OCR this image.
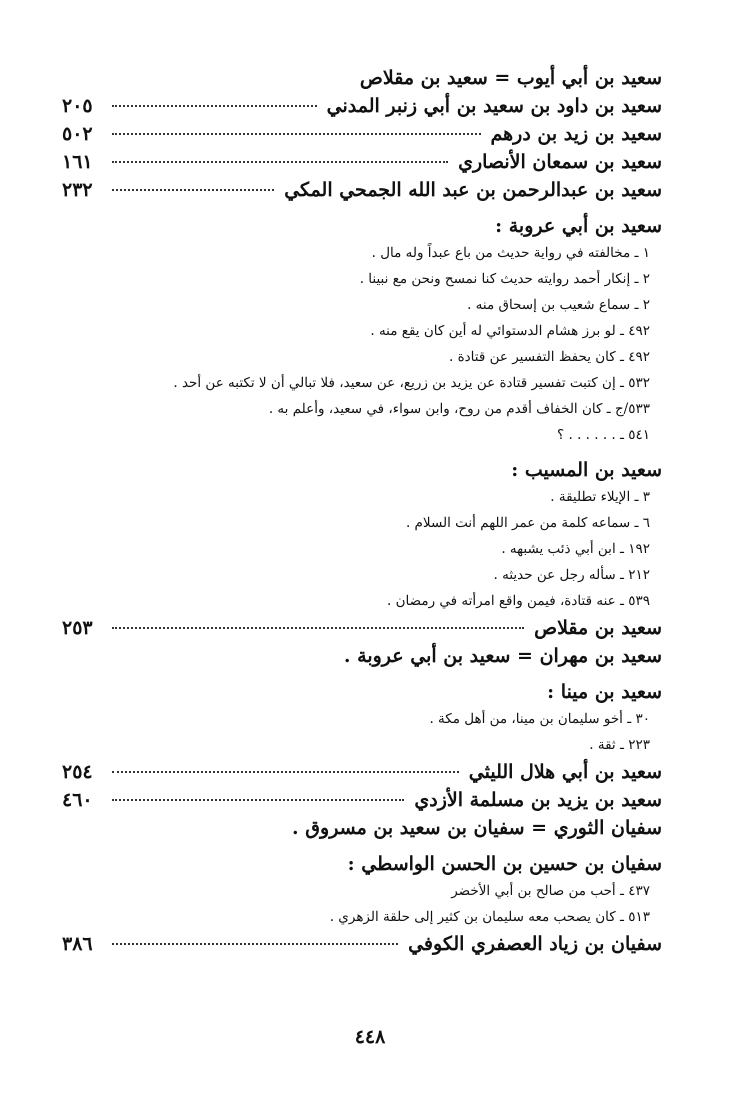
سعيد بن أبي أيوب = سعيد بن مقلاص
سعيد بن داود بن سعيد بن أبي زنبر المدني
٢٠٥
سعيد بن زيد بن درهم
٥٠٢
سعيد بن سمعان الأنصاري
١٦١
سعيد بن عبدالرحمن بن عبد الله الجمحي المكي
٢٣٢
سعيد بن أبي عروبة :
١ ـ مخالفته في رواية حديث من باع عبداً وله مال .
٢ ـ إنكار أحمد روايته حديث كنا نمسح ونحن مع نبينا .
٢ ـ سماع شعيب بن إسحاق منه .
٤٩٢ ـ لو برز هشام الدستوائي له أين كان يقع منه .
٤٩٢ ـ كان يحفظ التفسير عن قتادة .
٥٣٢ ـ إن كتبت تفسير قتادة عن يزيد بن زريع، عن سعيد، فلا تبالي أن لا تكتبه عن أحد .
٥٣٣/ج ـ كان الخفاف أقدم من روح، وابن سواء، في سعيد، وأعلم به .
٥٤١ ـ . . . . . . ؟
سعيد بن المسيب :
٣ ـ الإيلاء تطليقة .
٦ ـ سماعه كلمة من عمر اللهم أنت السلام .
١٩٢ ـ ابن أبي ذئب يشبهه .
٢١٢ ـ سأله رجل عن حديثه .
٥٣٩ ـ عنه قتادة، فيمن واقع امرأته في رمضان .
سعيد بن مقلاص
٢٥٣
سعيد بن مهران = سعيد بن أبي عروبة .
سعيد بن مينا :
٣٠ ـ أخو سليمان بن مينا، من أهل مكة .
٢٢٣ ـ ثقة .
سعيد بن أبي هلال الليثي
٢٥٤
سعيد بن يزيد بن مسلمة الأزدي
٤٦٠
سفيان الثوري = سفيان بن سعيد بن مسروق .
سفيان بن حسين بن الحسن الواسطي :
٤٣٧ ـ أحب من صالح بن أبي الأخضر
٥١٣ ـ كان يصحب معه سليمان بن كثير إلى حلقة الزهري .
سفيان بن زياد العصفري الكوفي
٣٨٦
٤٤٨
